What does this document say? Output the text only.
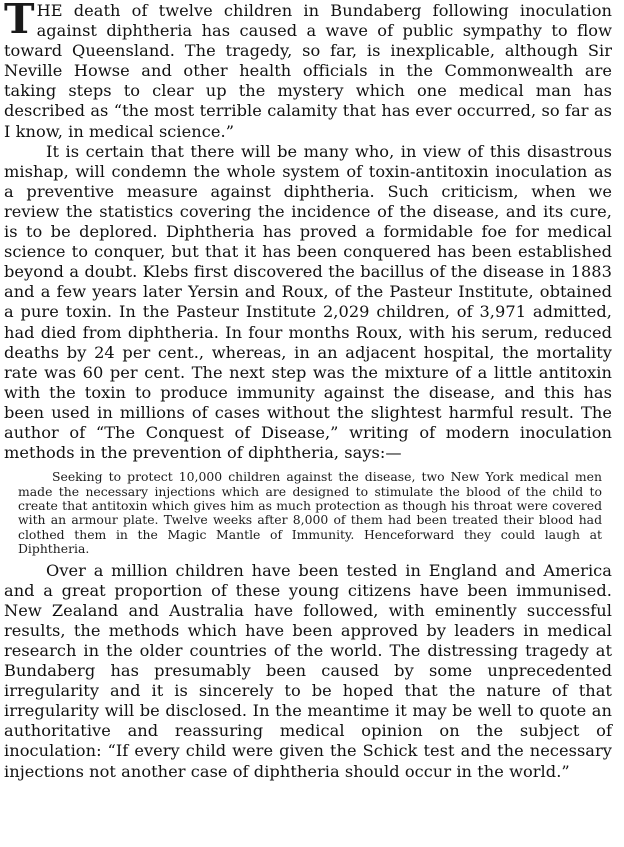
T HE death of twelve children in Bundaberg following inoculation against diphtheria has caused a wave of public sympathy to flow toward Queensland. The tragedy, so far, is inexplicable, although Sir Neville Howse and other health officials in the Commonwealth are taking steps to clear up the mystery which one medical man has described as “the most terrible calamity that has ever occurred, so far as I know, in medical science.”

It is certain that there will be many who, in view of this disastrous mishap, will condemn the whole system of toxin-antitoxin inoculation as a preventive measure against diphtheria. Such criticism, when we review the statistics covering the incidence of the disease, and its cure, is to be deplored. Diphtheria has proved a formidable foe for medical science to conquer, but that it has been conquered has been established beyond a doubt. Klebs first discovered the bacillus of the disease in 1883 and a few years later Yersin and Roux, of the Pasteur Institute, obtained a pure toxin. In the Pasteur Institute 2,029 children, of 3,971 admitted, had died from diphtheria. In four months Roux, with his serum, reduced deaths by 24 per cent., whereas, in an adjacent hospital, the mortality rate was 60 per cent. The next step was the mixture of a little antitoxin with the toxin to produce immunity against the disease, and this has been used in millions of cases without the slightest harmful result. The author of “The Conquest of Disease,” writing of modern inoculation methods in the prevention of diphtheria, says:—

Seeking to protect 10,000 children against the disease, two New York medical men made the necessary injections which are designed to stimulate the blood of the child to create that antitoxin which gives him as much protection as though his throat were covered with an armour plate. Twelve weeks after 8,000 of them had been treated their blood had clothed them in the Magic Mantle of Immunity. Henceforward they could laugh at Diphtheria.

Over a million children have been tested in England and America and a great proportion of these young citizens have been immunised. New Zealand and Australia have followed, with eminently successful results, the methods which have been approved by leaders in medical research in the older countries of the world. The distressing tragedy at Bundaberg has presumably been caused by some unprecedented irregularity and it is sincerely to be hoped that the nature of that irregularity will be disclosed. In the meantime it may be well to quote an authoritative and reassuring medical opinion on the subject of inoculation: “If every child were given the Schick test and the necessary injections not another case of diphtheria should occur in the world.”
